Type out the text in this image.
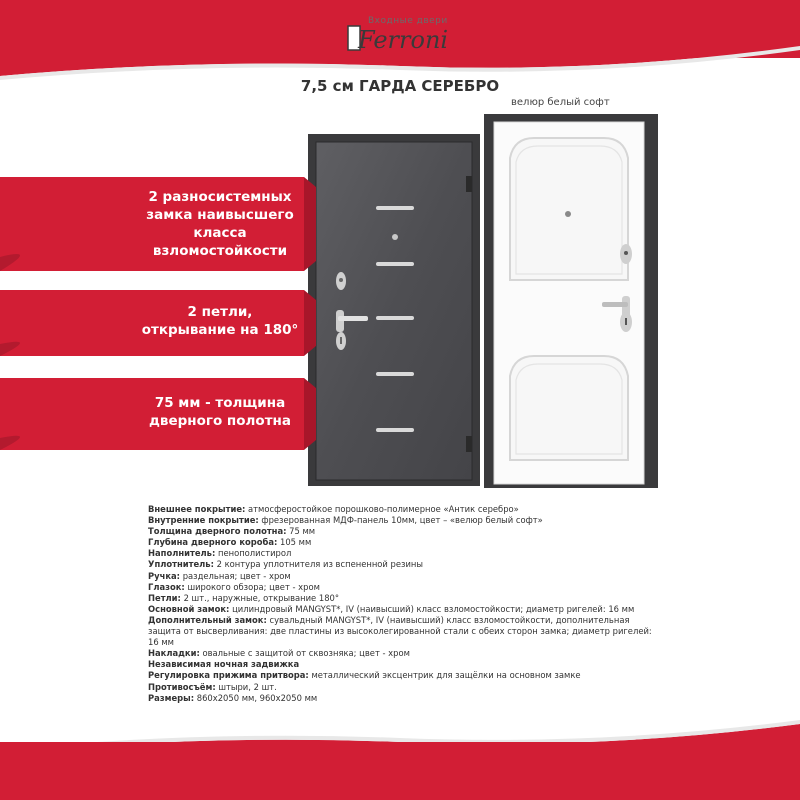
Входные двери
Ferroni
7,5 см ГАРДА СЕРЕБРО
велюр белый софт
2 разносистемных замка наивысшего класса взломостойкости
2 петли, открывание на 180°
75 мм - толщина дверного полотна

Внешнее покрытие: атмосферостойкое порошково-полимерное «Антик серебро»

Внутренние покрытие: фрезерованная МДФ-панель 10мм, цвет – «велюр белый софт»

Толщина дверного полотна: 75 мм

Глубина дверного короба: 105 мм

Наполнитель: пенополистирол

Уплотнитель: 2 контура уплотнителя из вспененной резины

Ручка: раздельная; цвет - хром

Глазок: широкого обзора; цвет - хром

Петли: 2 шт., наружные, открывание 180°

Основной замок: цилиндровый MANGYST*, IV (наивысший) класс взломостойкости; диаметр ригелей: 16 мм

Дополнительный замок: сувальдный MANGYST*, IV (наивысший) класс взломостойкости, дополнительная защита от высверливания: две пластины из высоколегированной стали с обеих сторон замка; диаметр ригелей: 16 мм

Накладки: овальные с защитой от сквозняка; цвет - хром

Независимая ночная задвижка

Регулировка прижима притвора: металлический эксцентрик для защёлки на основном замке

Противосъём: штыри, 2 шт.

Размеры: 860х2050 мм, 960х2050 мм
